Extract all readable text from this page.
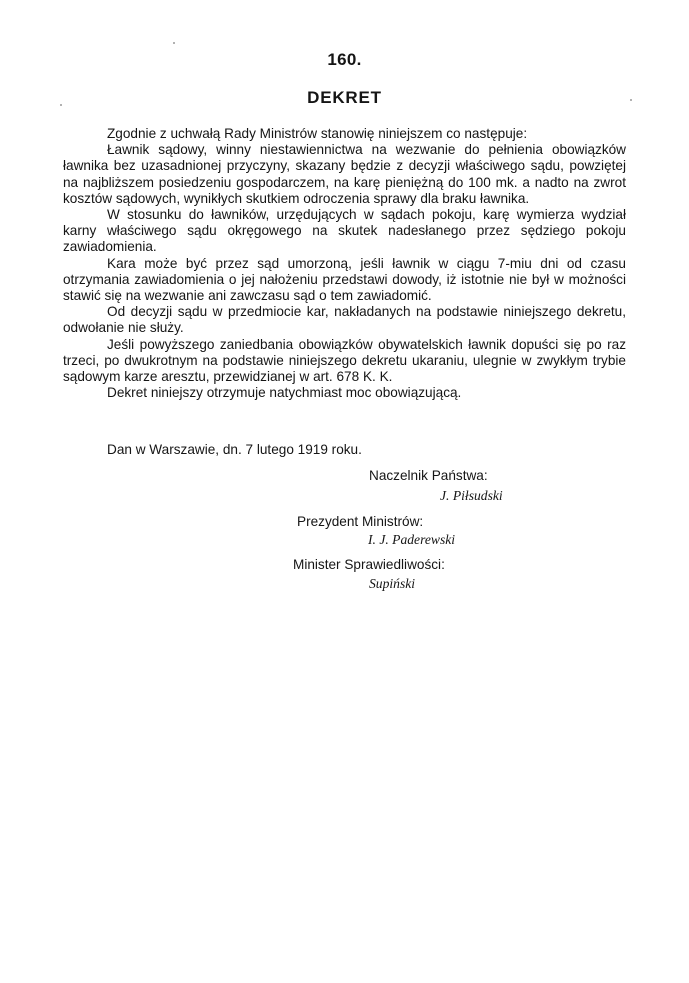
160.
DEKRET

Zgodnie z uchwałą Rady Ministrów stanowię niniejszem co następuje:

Ławnik sądowy, winny niestawiennictwa na wezwanie do pełnienia obowiązków ławnika bez uzasadnionej przyczyny, skazany będzie z decyzji właściwego sądu, powziętej na najbliższem posiedzeniu gospodarczem, na karę pieniężną do 100 mk. a nadto na zwrot kosztów sądowych, wynikłych skutkiem odroczenia sprawy dla braku ławnika.

W stosunku do ławników, urzędujących w sądach pokoju, karę wymierza wydział karny właściwego sądu okręgowego na skutek nadesłanego przez sędziego pokoju zawiadomienia.

Kara może być przez sąd umorzoną, jeśli ławnik w ciągu 7-miu dni od czasu otrzymania zawiadomienia o jej nałożeniu przedstawi dowody, iż istotnie nie był w możności stawić się na wezwanie ani zawczasu sąd o tem zawiadomić.

Od decyzji sądu w przedmiocie kar, nakładanych na podstawie niniejszego dekretu, odwołanie nie służy.

Jeśli powyższego zaniedbania obowiązków obywatelskich ławnik dopuści się po raz trzeci, po dwukrotnym na podstawie niniejszego dekretu ukaraniu, ulegnie w zwykłym trybie sądowym karze aresztu, przewidzianej w art. 678 K. K.

Dekret niniejszy otrzymuje natychmiast moc obowiązującą.

Dan w Warszawie, dn. 7 lutego 1919 roku.
Naczelnik Państwa:
J. Piłsudski
Prezydent Ministrów:
I. J. Paderewski
Minister Sprawiedliwości:
Supiński
